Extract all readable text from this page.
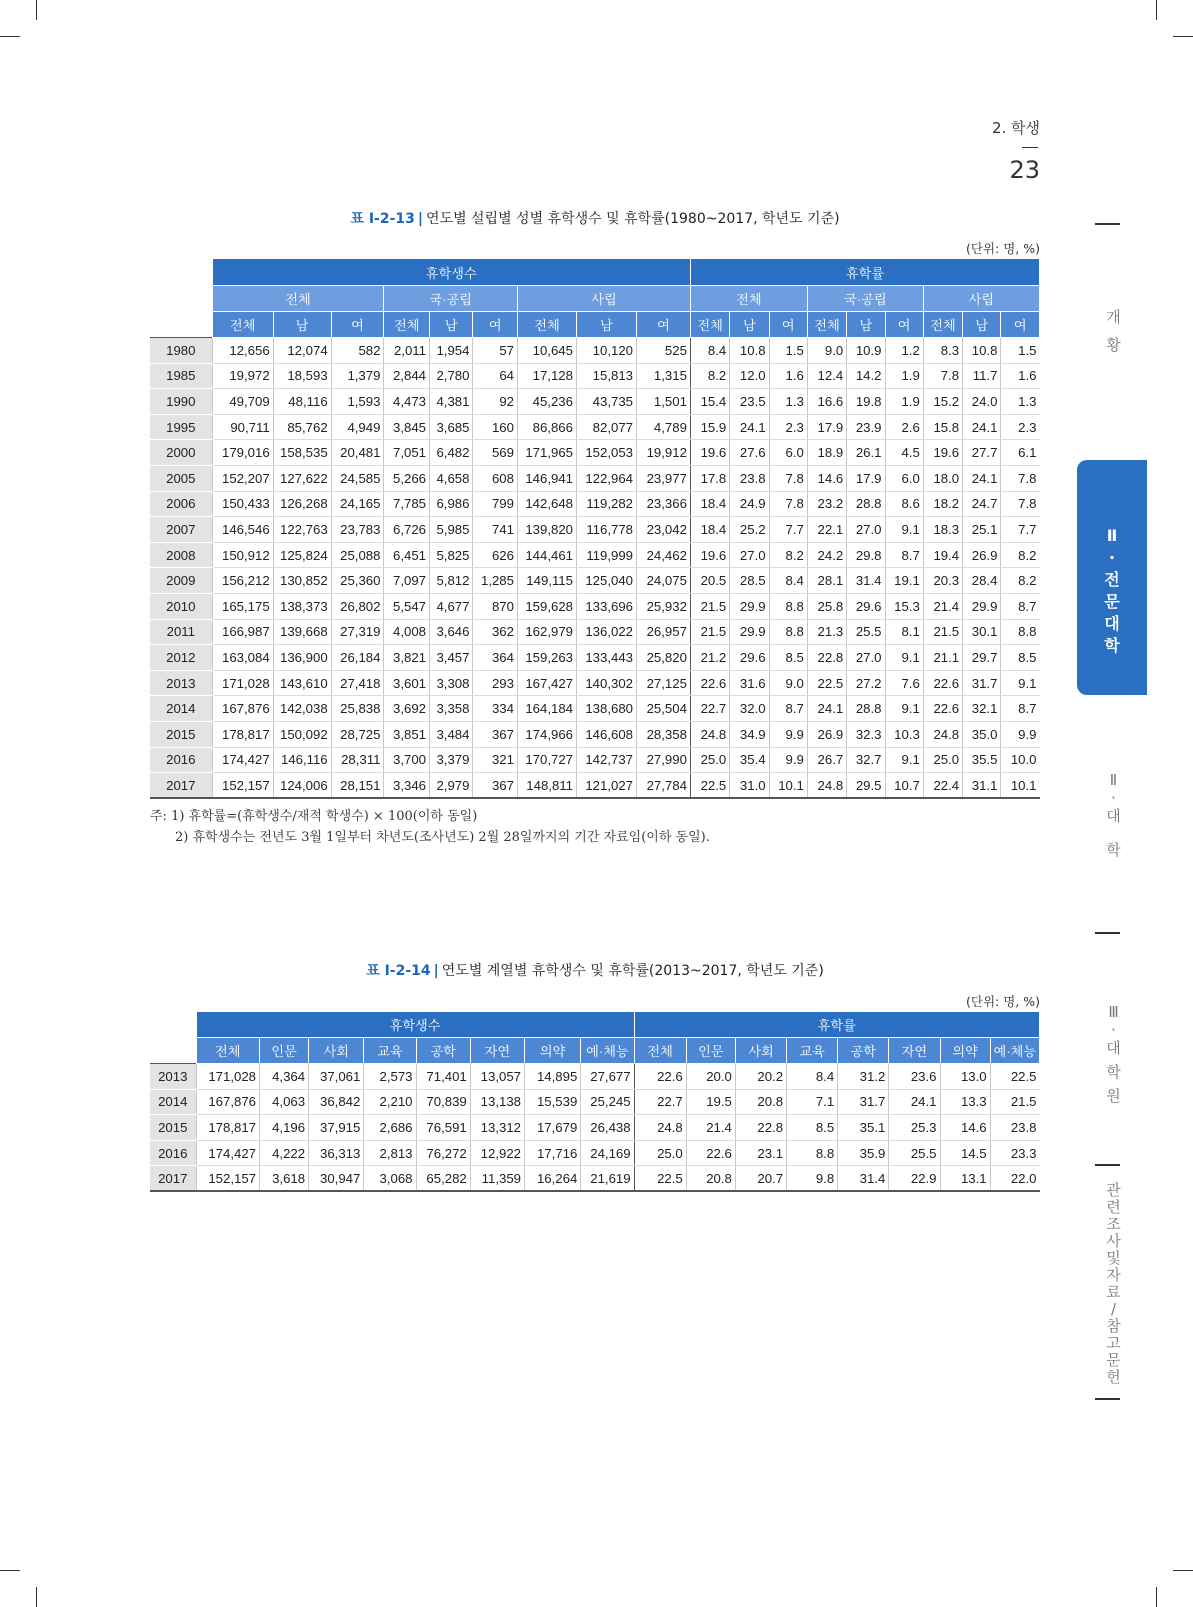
2. 학생
23
표 Ⅰ-2-13 | 연도별 설립별 성별 휴학생수 및 휴학률(1980~2017, 학년도 기준)
(단위: 명, %)
	휴학생수									휴학률								
	전체			국·공립			사립			전체			국·공립			사립		
	전체	남	여	전체	남	여	전체	남	여	전체	남	여	전체	남	여	전체	남	여
1980	12,656	12,074	582	2,011	1,954	57	10,645	10,120	525	8.4	10.8	1.5	9.0	10.9	1.2	8.3	10.8	1.5
1985	19,972	18,593	1,379	2,844	2,780	64	17,128	15,813	1,315	8.2	12.0	1.6	12.4	14.2	1.9	7.8	11.7	1.6
1990	49,709	48,116	1,593	4,473	4,381	92	45,236	43,735	1,501	15.4	23.5	1.3	16.6	19.8	1.9	15.2	24.0	1.3
1995	90,711	85,762	4,949	3,845	3,685	160	86,866	82,077	4,789	15.9	24.1	2.3	17.9	23.9	2.6	15.8	24.1	2.3
2000	179,016	158,535	20,481	7,051	6,482	569	171,965	152,053	19,912	19.6	27.6	6.0	18.9	26.1	4.5	19.6	27.7	6.1
2005	152,207	127,622	24,585	5,266	4,658	608	146,941	122,964	23,977	17.8	23.8	7.8	14.6	17.9	6.0	18.0	24.1	7.8
2006	150,433	126,268	24,165	7,785	6,986	799	142,648	119,282	23,366	18.4	24.9	7.8	23.2	28.8	8.6	18.2	24.7	7.8
2007	146,546	122,763	23,783	6,726	5,985	741	139,820	116,778	23,042	18.4	25.2	7.7	22.1	27.0	9.1	18.3	25.1	7.7
2008	150,912	125,824	25,088	6,451	5,825	626	144,461	119,999	24,462	19.6	27.0	8.2	24.2	29.8	8.7	19.4	26.9	8.2
2009	156,212	130,852	25,360	7,097	5,812	1,285	149,115	125,040	24,075	20.5	28.5	8.4	28.1	31.4	19.1	20.3	28.4	8.2
2010	165,175	138,373	26,802	5,547	4,677	870	159,628	133,696	25,932	21.5	29.9	8.8	25.8	29.6	15.3	21.4	29.9	8.7
2011	166,987	139,668	27,319	4,008	3,646	362	162,979	136,022	26,957	21.5	29.9	8.8	21.3	25.5	8.1	21.5	30.1	8.8
2012	163,084	136,900	26,184	3,821	3,457	364	159,263	133,443	25,820	21.2	29.6	8.5	22.8	27.0	9.1	21.1	29.7	8.5
2013	171,028	143,610	27,418	3,601	3,308	293	167,427	140,302	27,125	22.6	31.6	9.0	22.5	27.2	7.6	22.6	31.7	9.1
2014	167,876	142,038	25,838	3,692	3,358	334	164,184	138,680	25,504	22.7	32.0	8.7	24.1	28.8	9.1	22.6	32.1	8.7
2015	178,817	150,092	28,725	3,851	3,484	367	174,966	146,608	28,358	24.8	34.9	9.9	26.9	32.3	10.3	24.8	35.0	9.9
2016	174,427	146,116	28,311	3,700	3,379	321	170,727	142,737	27,990	25.0	35.4	9.9	26.7	32.7	9.1	25.0	35.5	10.0
2017	152,157	124,006	28,151	3,346	2,979	367	148,811	121,027	27,784	22.5	31.0	10.1	24.8	29.5	10.7	22.4	31.1	10.1
주: 1) 휴학률=(휴학생수/재적 학생수) × 100(이하 동일)
2) 휴학생수는 전년도 3월 1일부터 차년도(조사년도) 2월 28일까지의 기간 자료임(이하 동일).
표 Ⅰ-2-14 | 연도별 계열별 휴학생수 및 휴학률(2013~2017, 학년도 기준)
(단위: 명, %)
	휴학생수								휴학률							
	전체	인문	사회	교육	공학	자연	의약	예·체능	전체	인문	사회	교육	공학	자연	의약	예·체능
2013	171,028	4,364	37,061	2,573	71,401	13,057	14,895	27,677	22.6	20.0	20.2	8.4	31.2	23.6	13.0	22.5
2014	167,876	4,063	36,842	2,210	70,839	13,138	15,539	25,245	22.7	19.5	20.8	7.1	31.7	24.1	13.3	21.5
2015	178,817	4,196	37,915	2,686	76,591	13,312	17,679	26,438	24.8	21.4	22.8	8.5	35.1	25.3	14.6	23.8
2016	174,427	4,222	36,313	2,813	76,272	12,922	17,716	24,169	25.0	22.6	23.1	8.8	35.9	25.5	14.5	23.3
2017	152,157	3,618	30,947	3,068	65,282	11,359	16,264	21,619	22.5	20.8	20.7	9.8	31.4	22.9	13.1	22.0
개
황
Ⅱ
·
전
문
대
학
Ⅱ
·
대
학
Ⅲ
·
대
학
원
관
련
조
사
및
자
료
/
참
고
문
헌
